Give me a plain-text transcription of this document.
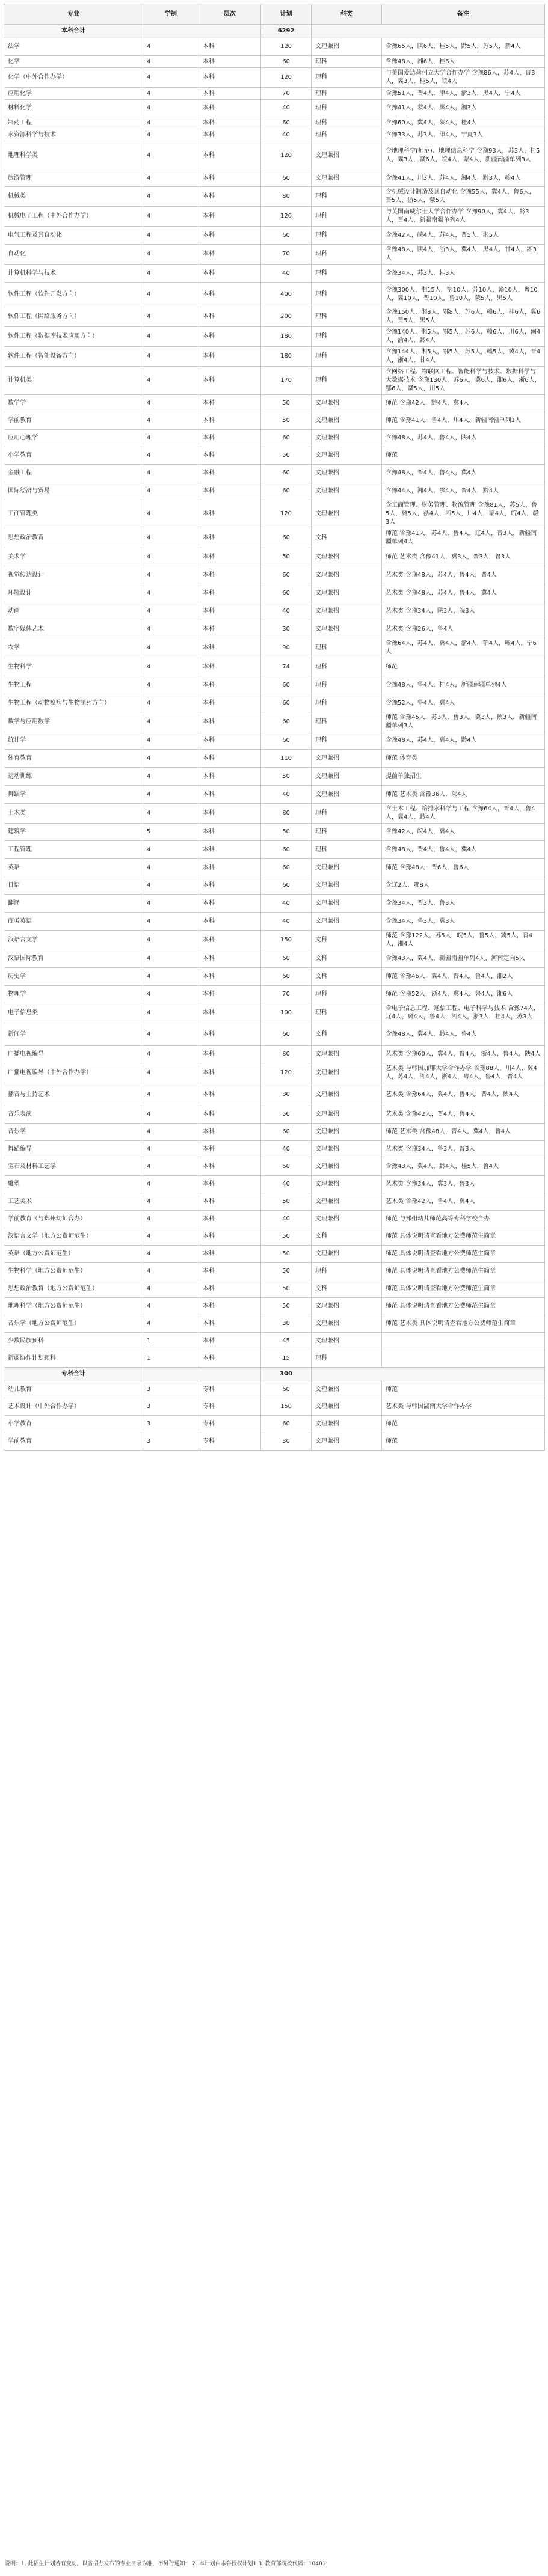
专业	学制	层次	计划	科类	备注
本科合计			6292		
法学	4	本科	120	文理兼招	含豫65人，陕6人，桂5人，黔5人，苏5人，新4人
化学	4	本科	60	理科	含豫48人，湘6人，桂6人
化学（中外合作办学）	4	本科	120	理科	与美国爱达荷州立大学合作办学 含豫86人，苏4人，晋3人，冀3人，桂5人，皖4人
应用化学	4	本科	70	理科	含豫51人，晋4人，津4人，浙3人，黑4人，宁4人
材料化学	4	本科	40	理科	含豫41人，蒙4人，黑4人，湘3人
制药工程	4	本科	60	理科	含豫60人，冀4人，陕4人，桂4人
水资源科学与技术	4	本科	40	理科	含豫33人，苏3人，津4人，宁夏3人
地理科学类	4	本科	120	文理兼招	含地理科学(师范)、地理信息科学 含豫93人，苏3人，桂5人，冀3人，赣6人，皖4人，蒙4人，新疆南疆单列3人
旅游管理	4	本科	60	文理兼招	含豫41人，川3人，苏4人，湘4人，黔3人，赣4人
机械类	4	本科	80	理科	含机械设计制造及其自动化 含豫55人，冀4人，鲁6人，晋5人，浙5人，蒙5人
机械电子工程（中外合作办学）	4	本科	120	理科	与英国南威尔士大学合作办学 含豫90人，冀4人，黔3人，晋4人，新疆南疆单列4人
电气工程及其自动化	4	本科	60	理科	含豫42人，皖4人，苏4人，晋5人，湘5人
自动化	4	本科	70	理科	含豫48人，陕4人，浙3人，冀4人，黑4人，甘4人，湘3人
计算机科学与技术	4	本科	40	理科	含豫34人，苏3人，桂3人
软件工程（软件开发方向）	4	本科	400	理科	含豫300人，湘15人，鄂10人，苏10人，赣10人，粤10人，冀10人，晋10人，鲁10人，蒙5人，黑5人
软件工程（网络服务方向）	4	本科	200	理科	含豫150人，湘8人，鄂8人，苏6人，赣6人，桂6人，冀6人，晋5人，黑5人
软件工程（数据库技术应用方向）	4	本科	180	理科	含豫140人，湘5人，鄂5人，苏6人，赣6人，川6人，闽4人，渝4人，黔4人
软件工程（智能设备方向）	4	本科	180	理科	含豫144人，湘5人，鄂5人，苏5人，赣5人，冀4人，晋4人，浙4人，甘4人
计算机类	4	本科	170	理科	含网络工程、物联网工程、智能科学与技术、数据科学与大数据技术 含豫130人，苏6人，冀6人，湘6人，浙6人，鄂6人，赣5人，川5人
数学学	4	本科	50	文理兼招	师范 含豫42人，黔4人，冀4人
学前教育	4	本科	50	文理兼招	师范 含豫41人，鲁4人，川4人，新疆南疆单列1人
应用心理学	4	本科	60	文理兼招	含豫48人，苏4人，鲁4人，陕4人
小学教育	4	本科	50	文理兼招	师范
金融工程	4	本科	60	文理兼招	含豫48人，晋4人，鲁4人，冀4人
国际经济与贸易	4	本科	60	文理兼招	含豫44人，湘4人，鄂4人，晋4人，黔4人
工商管理类	4	本科	120	文理兼招	含工商管理、财务管理、物流管理 含豫81人，苏5人，鲁5人，冀5人，浙4人，湘5人，川4人，蒙4人，皖4人，赣3人
思想政治教育	4	本科	60	文科	师范 含豫41人，苏4人，鲁4人，辽4人，晋3人，新疆南疆单列4人
美术学	4	本科	50	文理兼招	师范 艺术类 含豫41人，冀3人，晋3人，鲁3人
视觉传达设计	4	本科	60	文理兼招	艺术类 含豫48人，苏4人，鲁4人，晋4人
环境设计	4	本科	60	文理兼招	艺术类 含豫48人，苏4人，鲁4人，冀4人
动画	4	本科	40	文理兼招	艺术类 含豫34人，陕3人，皖3人
数字媒体艺术	4	本科	30	文理兼招	艺术类 含豫26人，鲁4人
农学	4	本科	90	理科	含豫64人，苏4人，冀4人，浙4人，鄂4人，赣4人，宁6人
生物科学	4	本科	74	理科	师范
生物工程	4	本科	60	理科	含豫48人，鲁4人，桂4人，新疆南疆单列4人
生物工程（动物疫病与生物制药方向）	4	本科	60	理科	含豫52人，鲁4人，冀4人
数学与应用数学	4	本科	60	理科	师范 含豫45人，苏3人，鲁3人，冀3人，陕3人，新疆南疆单列3人
统计学	4	本科	60	理科	含豫48人，苏4人，冀4人，黔4人
体育教育	4	本科	110	文理兼招	师范 体育类
运动训练	4	本科	50	文理兼招	提前单独招生
舞蹈学	4	本科	40	文理兼招	师范 艺术类 含豫36人，陕4人
土木类	4	本科	80	理科	含土木工程、给排水科学与工程 含豫64人，晋4人，鲁4人，冀4人，黔4人
建筑学	5	本科	50	理科	含豫42人，皖4人，冀4人
工程管理	4	本科	60	理科	含豫48人，晋4人，鲁4人，冀4人
英语	4	本科	60	文理兼招	师范 含豫48人，晋6人，鲁6人
日语	4	本科	60	文理兼招	含辽2人，鄂8人
翻译	4	本科	40	文理兼招	含豫34人，晋3人，鲁3人
商务英语	4	本科	40	文理兼招	含豫34人，鲁3人，冀3人
汉语言文学	4	本科	150	文科	师范 含豫122人，苏5人，皖5人，鲁5人，冀5人，晋4人，湘4人
汉语国际教育	4	本科	60	文科	含豫43人，冀4人，新疆南疆单列4人，河南定向5人
历史学	4	本科	60	文科	师范 含豫46人，冀4人，晋4人，鲁4人，湘2人
物理学	4	本科	70	理科	师范 含豫52人，浙4人，冀4人，鲁4人，湘6人
电子信息类	4	本科	100	理科	含电子信息工程、通信工程、电子科学与技术 含豫74人，辽4人，冀4人，鲁4人，湘4人，浙3人，桂4人，苏3人
新闻学	4	本科	60	文科	含豫48人，冀4人，黔4人，鲁4人
广播电视编导	4	本科	80	文理兼招	艺术类 含豫60人，冀4人，晋4人，浙4人，鲁4人，陕4人
广播电视编导（中外合作办学）	4	本科	120	文理兼招	艺术类 与韩国加耶大学合作办学 含豫88人，川4人，冀4人，苏4人，湘4人，浙4人，粤4人，鲁4人，晋4人
播音与主持艺术	4	本科	80	文理兼招	艺术类 含豫64人，冀4人，鲁4人，晋4人，陕4人
音乐表演	4	本科	50	文理兼招	艺术类 含豫42人，晋4人，鲁4人
音乐学	4	本科	60	文理兼招	师范 艺术类 含豫48人，晋4人，冀4人，鲁4人
舞蹈编导	4	本科	40	文理兼招	艺术类 含豫34人，鲁3人，晋3人
宝石及材料工艺学	4	本科	60	文理兼招	含豫43人，冀4人，黔4人，桂5人，鲁4人
雕塑	4	本科	40	文理兼招	艺术类 含豫34人，冀3人，鲁3人
工艺美术	4	本科	50	文理兼招	艺术类 含豫42人，鲁4人，冀4人
学前教育（与郑州幼师合办）	4	本科	40	文理兼招	师范 与郑州幼儿师范高等专科学校合办
汉语言文学（地方公费师范生）	4	本科	50	文科	师范 具体说明请查看地方公费师范生简章
英语（地方公费师范生）	4	本科	50	文理兼招	师范 具体说明请查看地方公费师范生简章
生物科学（地方公费师范生）	4	本科	50	理科	师范 具体说明请查看地方公费师范生简章
思想政治教育（地方公费师范生）	4	本科	50	文科	师范 具体说明请查看地方公费师范生简章
地理科学（地方公费师范生）	4	本科	50	文理兼招	师范 具体说明请查看地方公费师范生简章
音乐学（地方公费师范生）	4	本科	30	文理兼招	师范 艺术类 具体说明请查看地方公费师范生简章
少数民族预科	1	本科	45	文理兼招	
新疆协作计划预科	1	本科	15	理科	
专科合计			300		
幼儿教育	3	专科	60	文理兼招	师范
艺术设计（中外合作办学）	3	专科	150	文理兼招	艺术类 与韩国湖南大学合作办学
小学教育	3	专科	60	文理兼招	师范
学前教育	3	专科	30	文理兼招	师范
说明：1. 此招生计划若有变动，以省招办发布的专业目录为准，不另行通知； 2. 本计划由本各授权计划1 3. 教育部院校代码：10481；
